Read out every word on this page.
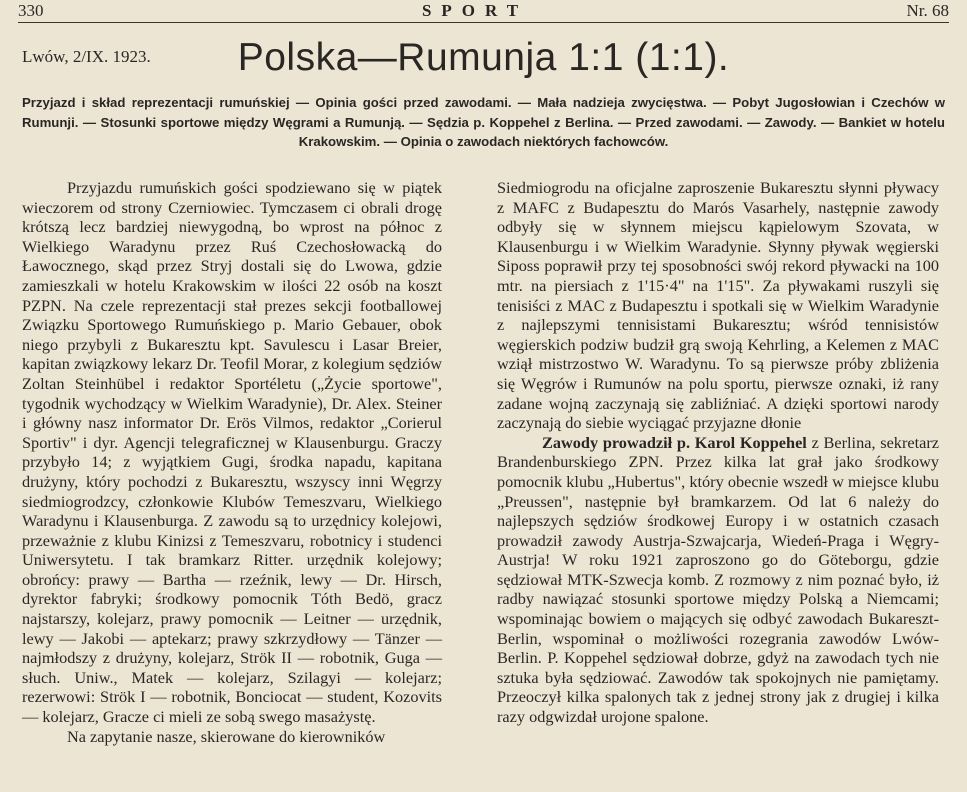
330	SPORT	Nr. 68
Lwów, 2/IX. 1923.	Polska—Rumunja 1:1 (1:1).
Przyjazd i skład reprezentacji rumuńskiej — Opinia gości przed zawodami. — Mała nadzieja zwycięstwa. — Pobyt Jugosłowian i Czechów w Rumunji. — Stosunki sportowe między Węgrami a Rumunją. — Sędzia p. Koppehel z Berlina. — Przed zawodami. — Zawody. — Bankiet w hotelu Krakowskim. — Opinia o zawodach niektórych fachowców.

Przyjazdu rumuńskich gości spodziewano się w piątek wieczorem od strony Czerniowiec. Tymczasem ci obrali drogę krótszą lecz bardziej niewygodną, bo wprost na północ z Wielkiego Waradynu przez Ruś Czechosłowacką do Ławocznego, skąd przez Stryj dostali się do Lwowa, gdzie zamieszkali w hotelu Krakowskim w ilości 22 osób na koszt PZPN. Na czele reprezentacji stał prezes sekcji footballowej Związku Sportowego Rumuńskiego p. Mario Gebauer, obok niego przybyli z Bukaresztu kpt. Savulescu i Lasar Breier, kapitan związkowy lekarz Dr. Teofil Morar, z kolegium sędziów Zoltan Steinhübel i redaktor Sportéletu („Życie sportowe", tygodnik wychodzący w Wielkim Waradynie), Dr. Alex. Steiner i główny nasz informator Dr. Erös Vilmos, redaktor „Corierul Sportiv" i dyr. Agencji telegraficznej w Klausenburgu. Graczy przybyło 14; z wyjątkiem Gugi, środka napadu, kapitana drużyny, który pochodzi z Bukaresztu, wszyscy inni Węgrzy siedmiogrodzcy, członkowie Klubów Temeszvaru, Wielkiego Waradynu i Klausenburga. Z zawodu są to urzędnicy kolejowi, przeważnie z klubu Kinizsi z Temeszvaru, robotnicy i studenci Uniwersytetu. I tak bramkarz Ritter. urzędnik kolejowy; obrońcy: prawy — Bartha — rzeźnik, lewy — Dr. Hirsch, dyrektor fabryki; środkowy pomocnik Tóth Bedö, gracz najstarszy, kolejarz, prawy pomocnik — Leitner — urzędnik, lewy — Jakobi — aptekarz; prawy szkrzydłowy — Tänzer — najmłodszy z drużyny, kolejarz, Strök II — robotnik, Guga — słuch. Uniw., Matek — kolejarz, Szilagyi — kolejarz; rezerwowi: Strök I — robotnik, Bonciocat — student, Kozovits — kolejarz, Gracze ci mieli ze sobą swego masażystę.

Na zapytanie nasze, skierowane do kierowników

Siedmiogrodu na oficjalne zaproszenie Bukaresztu słynni pływacy z MAFC z Budapesztu do Marós Vasarhely, następnie zawody odbyły się w słynnem miejscu kąpielowym Szovata, w Klausenburgu i w Wielkim Waradynie. Słynny pływak węgierski Siposs poprawił przy tej sposobności swój rekord pływacki na 100 mtr. na piersiach z 1'15·4" na 1'15". Za pływakami ruszyli się tenisiści z MAC z Budapesztu i spotkali się w Wielkim Waradynie z najlepszymi tennisistami Bukaresztu; wśród tennisistów węgierskich podziw budził grą swoją Kehrling, a Kelemen z MAC wziął mistrzostwo W. Waradynu. To są pierwsze próby zbliżenia się Węgrów i Rumunów na polu sportu, pierwsze oznaki, iż rany zadane wojną zaczynają się zabliźniać. A dzięki sportowi narody zaczynają do siebie wyciągać przyjazne dłonie

Zawody prowadził p. Karol Koppehel z Berlina, sekretarz Brandenburskiego ZPN. Przez kilka lat grał jako środkowy pomocnik klubu „Hubertus", który obecnie wszedł w miejsce klubu „Preussen", następnie był bramkarzem. Od lat 6 należy do najlepszych sędziów środkowej Europy i w ostatnich czasach prowadził zawody Austrja-Szwajcarja, Wiedeń-Praga i Węgry-Austrja! W roku 1921 zaproszono go do Göteborgu, gdzie sędziował MTK-Szwecja komb. Z rozmowy z nim poznać było, iż radby nawiązać stosunki sportowe między Polską a Niemcami; wspominając bowiem o mających się odbyć zawodach Bukareszt-Berlin, wspominał o możliwości rozegrania zawodów Lwów-Berlin. P. Koppehel sędziował dobrze, gdyż na zawodach tych nie sztuka była sędziować. Zawodów tak spokojnych nie pamiętamy. Przeoczył kilka spalonych tak z jednej strony jak z drugiej i kilka razy odgwizdał urojone spalone.
